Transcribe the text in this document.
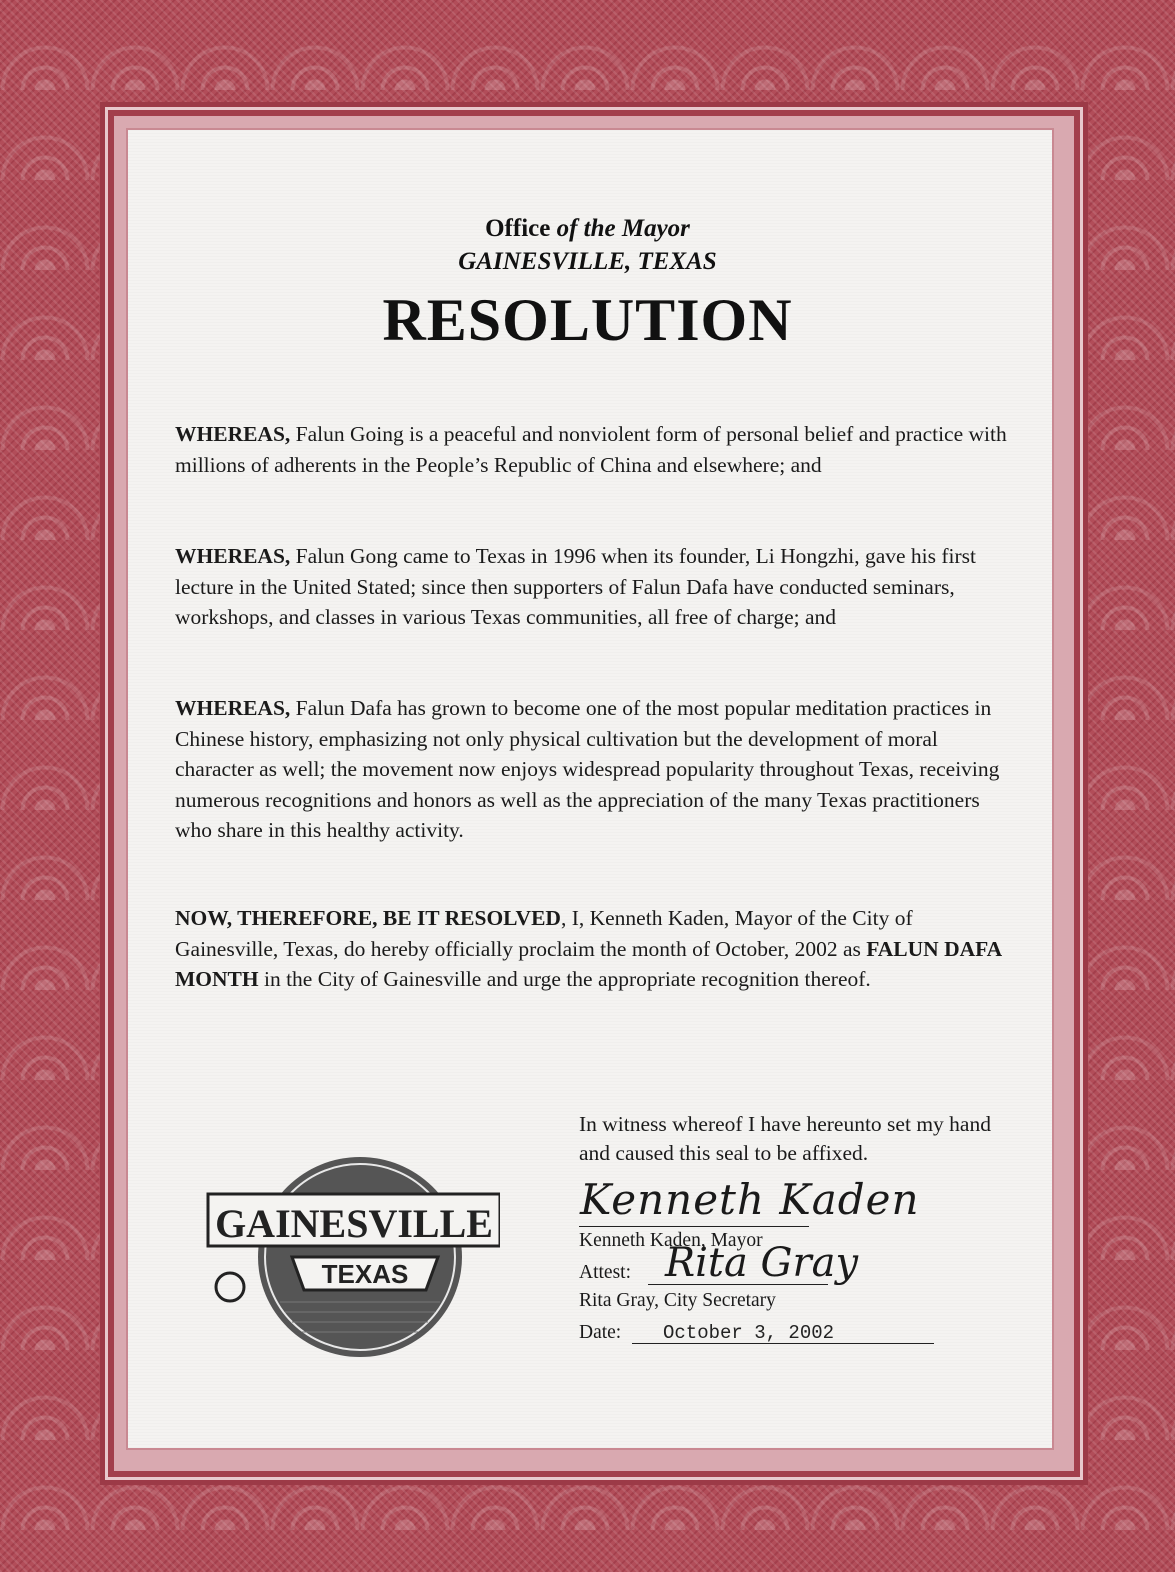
Office of the Mayor
GAINESVILLE, TEXAS
RESOLUTION
WHEREAS, Falun Going is a peaceful and nonviolent form of personal belief and practice with millions of adherents in the People’s Republic of China and elsewhere; and
WHEREAS, Falun Gong came to Texas in 1996 when its founder, Li Hongzhi, gave his first lecture in the United Stated; since then supporters of Falun Dafa have conducted seminars, workshops, and classes in various Texas communities, all free of charge; and
WHEREAS, Falun Dafa has grown to become one of the most popular meditation practices in Chinese history, emphasizing not only physical cultivation but the development of moral character as well; the movement now enjoys widespread popularity throughout Texas, receiving numerous recognitions and honors as well as the appreciation of the many Texas practitioners who share in this healthy activity.
NOW, THEREFORE, BE IT RESOLVED, I, Kenneth Kaden, Mayor of the City of Gainesville, Texas, do hereby officially proclaim the month of October, 2002 as FALUN DAFA MONTH in the City of Gainesville and urge the appropriate recognition thereof.
In witness whereof I have hereunto set my hand and caused this seal to be affixed.
Kenneth Kaden
Kenneth Kaden, Mayor
Attest: Rita Gray
Rita Gray, City Secretary
Date:	October 3, 2002
GAINESVILLE
TEXAS
